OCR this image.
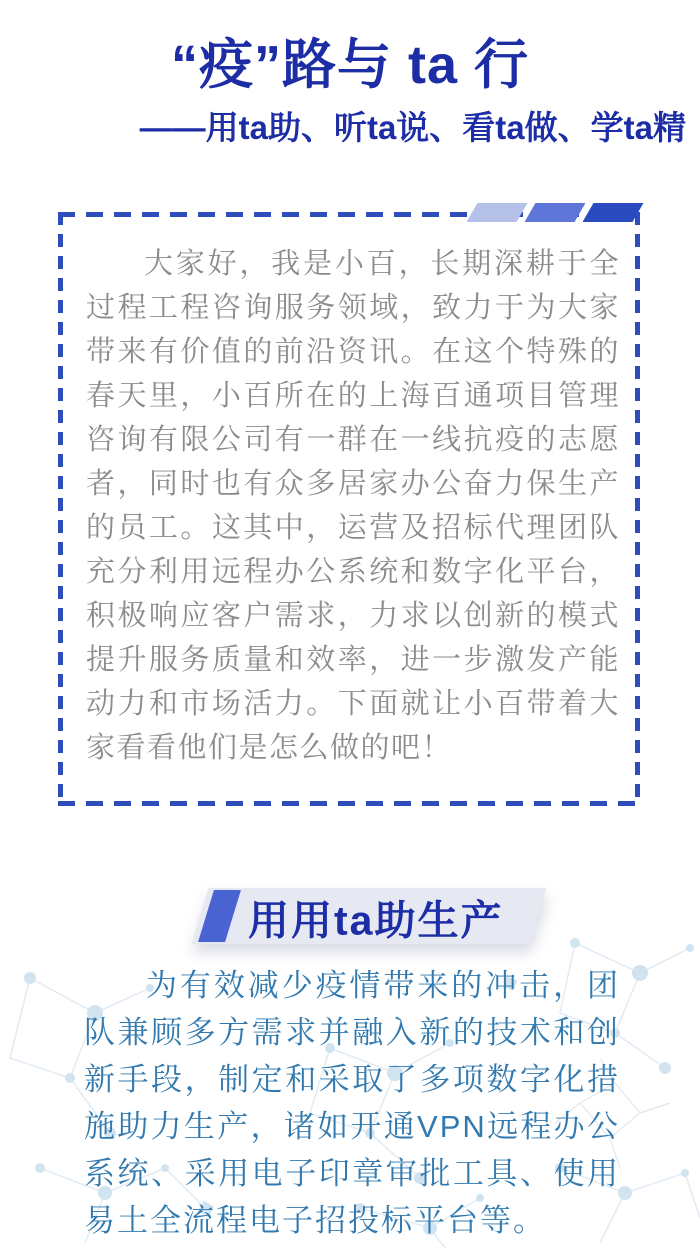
“疫”路与 ta 行
——用ta助、听ta说、看ta做、学ta精

大家好，我是小百，长期深耕于全过程工程咨询服务领域，致力于为大家带来有价值的前沿资讯。在这个特殊的春天里，小百所在的上海百通项目管理咨询有限公司有一群在一线抗疫的志愿者，同时也有众多居家办公奋力保生产的员工。这其中，运营及招标代理团队充分利用远程办公系统和数字化平台，积极响应客户需求，力求以创新的模式提升服务质量和效率，进一步激发产能动力和市场活力。下面就让小百带着大家看看他们是怎么做的吧！

用用ta助生产

为有效减少疫情带来的冲击，团队兼顾多方需求并融入新的技术和创新手段，制定和采取了多项数字化措施助力生产，诸如开通VPN远程办公系统、采用电子印章审批工具、使用易土全流程电子招投标平台等。
